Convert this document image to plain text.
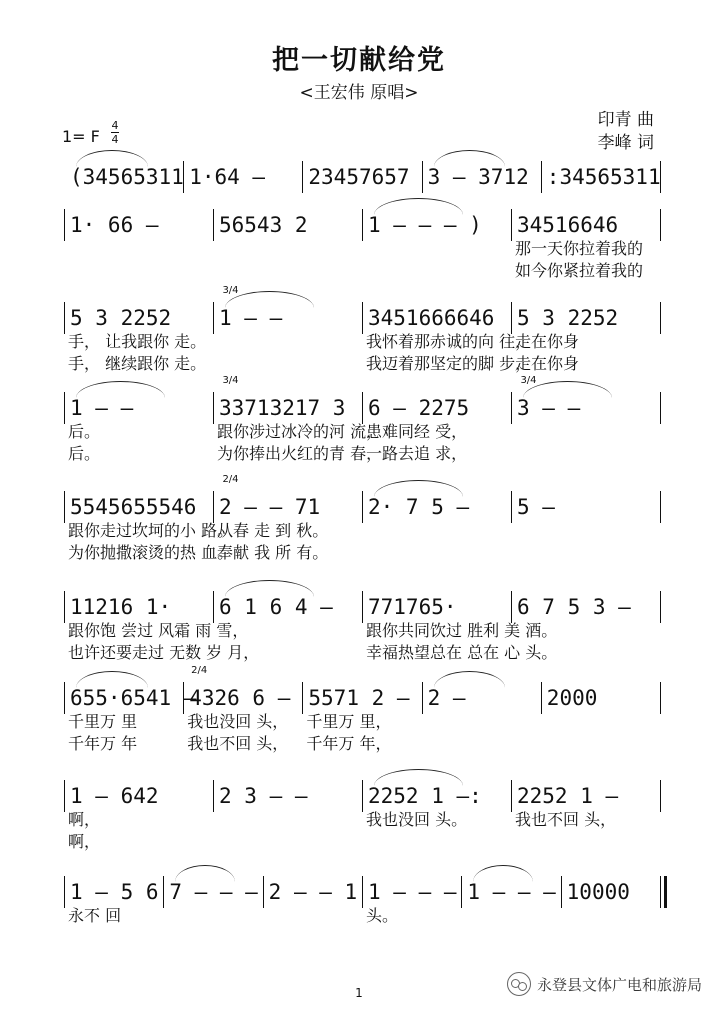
把一切献给党
<王宏伟 原唱>
印青 曲
李峰 词
1= F
4
4
(34565311 1·64 —	23457657 3 — 3712 :34565311
1· 66 —	56543 2	1 — — — )	34516646
那一天你拉着我的
如今你紧拉着我的
5 3 2252
手， 让我跟你 走。
手， 继续跟你 走。
1 — —	3451666646
我怀着那赤诚的向 往，
我迈着那坚定的脚 步，
5 3 2252
走在你身
走在你身
3/4
1 — —
后。
后。
33713217 3
跟你涉过冰冷的河 流，
为你捧出火红的青 春，
6 — 2275
患难同经 受，
一路去追 求，
3 — —
3/4	3/4
5545655546
跟你走过坎坷的小 路。
为你抛撒滚烫的热 血。
2 — — 71
从春 走 到 秋。
奉献 我 所 有。
2· 7 5 —	5 —
2/4
11216 1·
跟你饱 尝过 风霜 雨 雪，
也许还要走过 无数 岁 月，
6 1 6 4 —	771765·
跟你共同饮过 胜利 美 酒。
幸福热望总在 总在 心 头。
6 7 5 3 —
655·6541 —
千里万 里
千年万 年
4326 6 —
我也没回 头，
我也不回 头，
5571 2 —
千里万 里，
千年万 年，
2 —	2000
2/4
1 — 642
啊，
啊，
2 3 — —	2252 1 —:
我也没回 头。
2252 1 —
我也不回 头，
1 — 5 6
永不 回
7 — — — 2 — — 1 1 — — —
头。
1 — — — 10000
1	永登县文体广电和旅游局
